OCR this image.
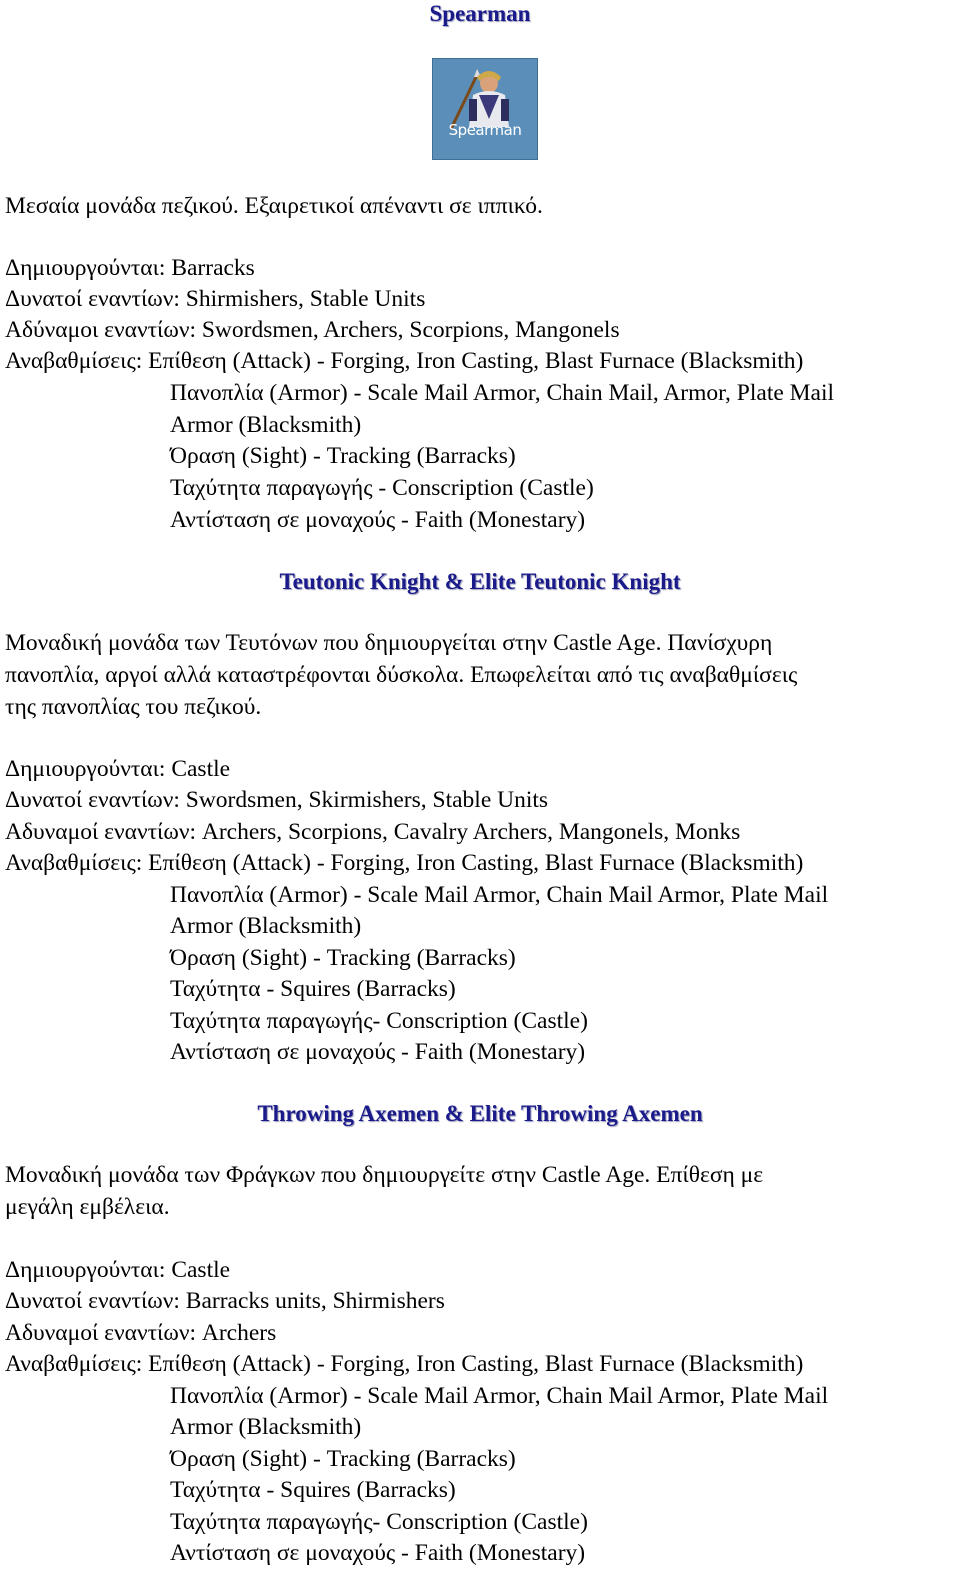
Spearman
Spearman
Μεσαία μονάδα πεζικού. Εξαιρετικοί απέναντι σε ιππικό.
Δημιουργούνται: Barracks
Δυνατοί εναντίων: Shirmishers, Stable Units
Αδύναμοι εναντίων: Swordsmen, Archers, Scorpions, Mangonels
Αναβαθμίσεις: Επίθεση (Attack) - Forging, Iron Casting, Blast Furnace (Blacksmith)
Πανοπλία (Armor) - Scale Mail Armor, Chain Mail, Armor, Plate Mail
Armor (Blacksmith)
Όραση (Sight) - Tracking (Barracks)
Ταχύτητα παραγωγής - Conscription (Castle)
Αντίσταση σε μοναχούς - Faith (Monestary)
Teutonic Knight & Elite Teutonic Knight
Μοναδική μονάδα των Τευτόνων που δημιουργείται στην Castle Age. Πανίσχυρη
πανοπλία, αργοί αλλά καταστρέφονται δύσκολα. Επωφελείται από τις αναβαθμίσεις
της πανοπλίας του πεζικού.
Δημιουργούνται: Castle
Δυνατοί εναντίων: Swordsmen, Skirmishers, Stable Units
Αδυναμοί εναντίων: Archers, Scorpions, Cavalry Archers, Mangonels, Monks
Αναβαθμίσεις: Επίθεση (Attack) - Forging, Iron Casting, Blast Furnace (Blacksmith)
Πανοπλία (Armor) - Scale Mail Armor, Chain Mail Armor, Plate Mail
Armor (Blacksmith)
Όραση (Sight) - Tracking (Barracks)
Ταχύτητα - Squires (Barracks)
Ταχύτητα παραγωγής- Conscription (Castle)
Αντίσταση σε μοναχούς - Faith (Monestary)
Throwing Axemen & Elite Throwing Axemen
Μοναδική μονάδα των Φράγκων που δημιουργείτε στην Castle Age. Επίθεση με
μεγάλη εμβέλεια.
Δημιουργούνται: Castle
Δυνατοί εναντίων: Barracks units, Shirmishers
Αδυναμοί εναντίων: Archers
Αναβαθμίσεις: Επίθεση (Attack) - Forging, Iron Casting, Blast Furnace (Blacksmith)
Πανοπλία (Armor) - Scale Mail Armor, Chain Mail Armor, Plate Mail
Armor (Blacksmith)
Όραση (Sight) - Tracking (Barracks)
Ταχύτητα - Squires (Barracks)
Ταχύτητα παραγωγής- Conscription (Castle)
Αντίσταση σε μοναχούς - Faith (Monestary)
